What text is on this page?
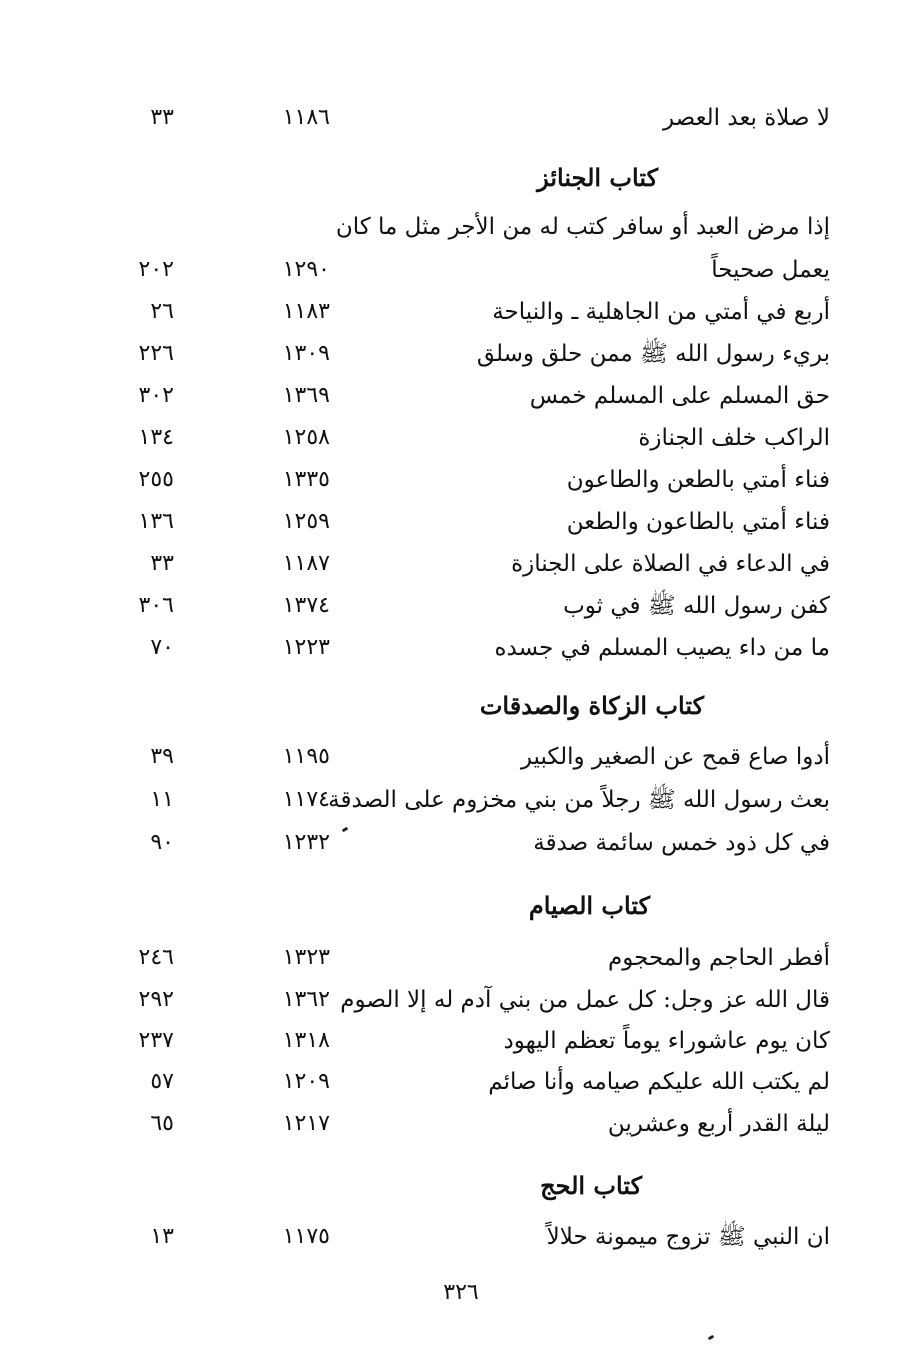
لا صلاة بعد العصر
١١٨٦
٣٣
كتاب الجنائز
إذا مرض العبد أو سافر كتب له من الأجر مثل ما كان
يعمل صحيحاً
١٢٩٠
٢٠٢
أربع في أمتي من الجاهلية ـ والنياحة
١١٨٣
٢٦
بريء رسول الله ﷺ ممن حلق وسلق
١٣٠٩
٢٢٦
حق المسلم على المسلم خمس
١٣٦٩
٣٠٢
الراكب خلف الجنازة
١٢٥٨
١٣٤
فناء أمتي بالطعن والطاعون
١٣٣٥
٢٥٥
فناء أمتي بالطاعون والطعن
١٢٥٩
١٣٦
في الدعاء في الصلاة على الجنازة
١١٨٧
٣٣
كفن رسول الله ﷺ في ثوب
١٣٧٤
٣٠٦
ما من داء يصيب المسلم في جسده
١٢٢٣
٧٠
كتاب الزكاة والصدقات
أدوا صاع قمح عن الصغير والكبير
١١٩٥
٣٩
بعث رسول الله ﷺ رجلاً من بني مخزوم على الصدقة
١١٧٤
١١
في كل ذود خمس سائمة صدقة
١٢٣٢
٩٠
كتاب الصيام
أفطر الحاجم والمحجوم
١٣٢٣
٢٤٦
قال الله عز وجل: كل عمل من بني آدم له إلا الصوم
١٣٦٢
٢٩٢
كان يوم عاشوراء يوماً تعظم اليهود
١٣١٨
٢٣٧
لم يكتب الله عليكم صيامه وأنا صائم
١٢٠٩
٥٧
ليلة القدر أربع وعشرين
١٢١٧
٦٥
كتاب الحج
ان النبي ﷺ تزوج ميمونة حلالاً
١١٧٥
١٣
٣٢٦
